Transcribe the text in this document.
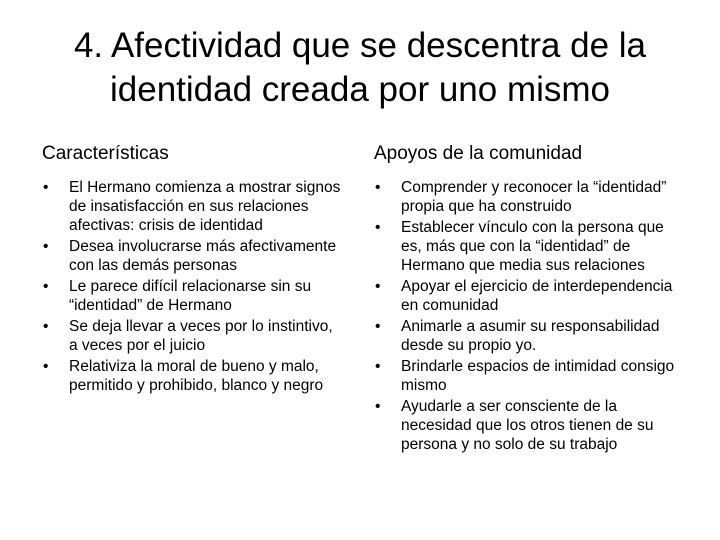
4. Afectividad que se descentra de la
identidad creada por uno mismo
Características
• El Hermano comienza a mostrar signos de insatisfacción en sus relaciones afectivas: crisis de identidad
• Desea involucrarse más afectivamente con las demás personas
• Le parece difícil relacionarse sin su “identidad” de Hermano
• Se deja llevar a veces por lo instintivo, a veces por el juicio
• Relativiza la moral de bueno y malo, permitido y prohibido, blanco y negro
Apoyos de la comunidad
• Comprender y reconocer la “identidad” propia que ha construido
• Establecer vínculo con la persona que es, más que con la “identidad” de Hermano que media sus relaciones
• Apoyar el ejercicio de interdependencia en comunidad
• Animarle a asumir su responsabilidad desde su propio yo.
• Brindarle espacios de intimidad consigo mismo
• Ayudarle a ser consciente de la necesidad que los otros tienen de su persona y no solo de su trabajo
